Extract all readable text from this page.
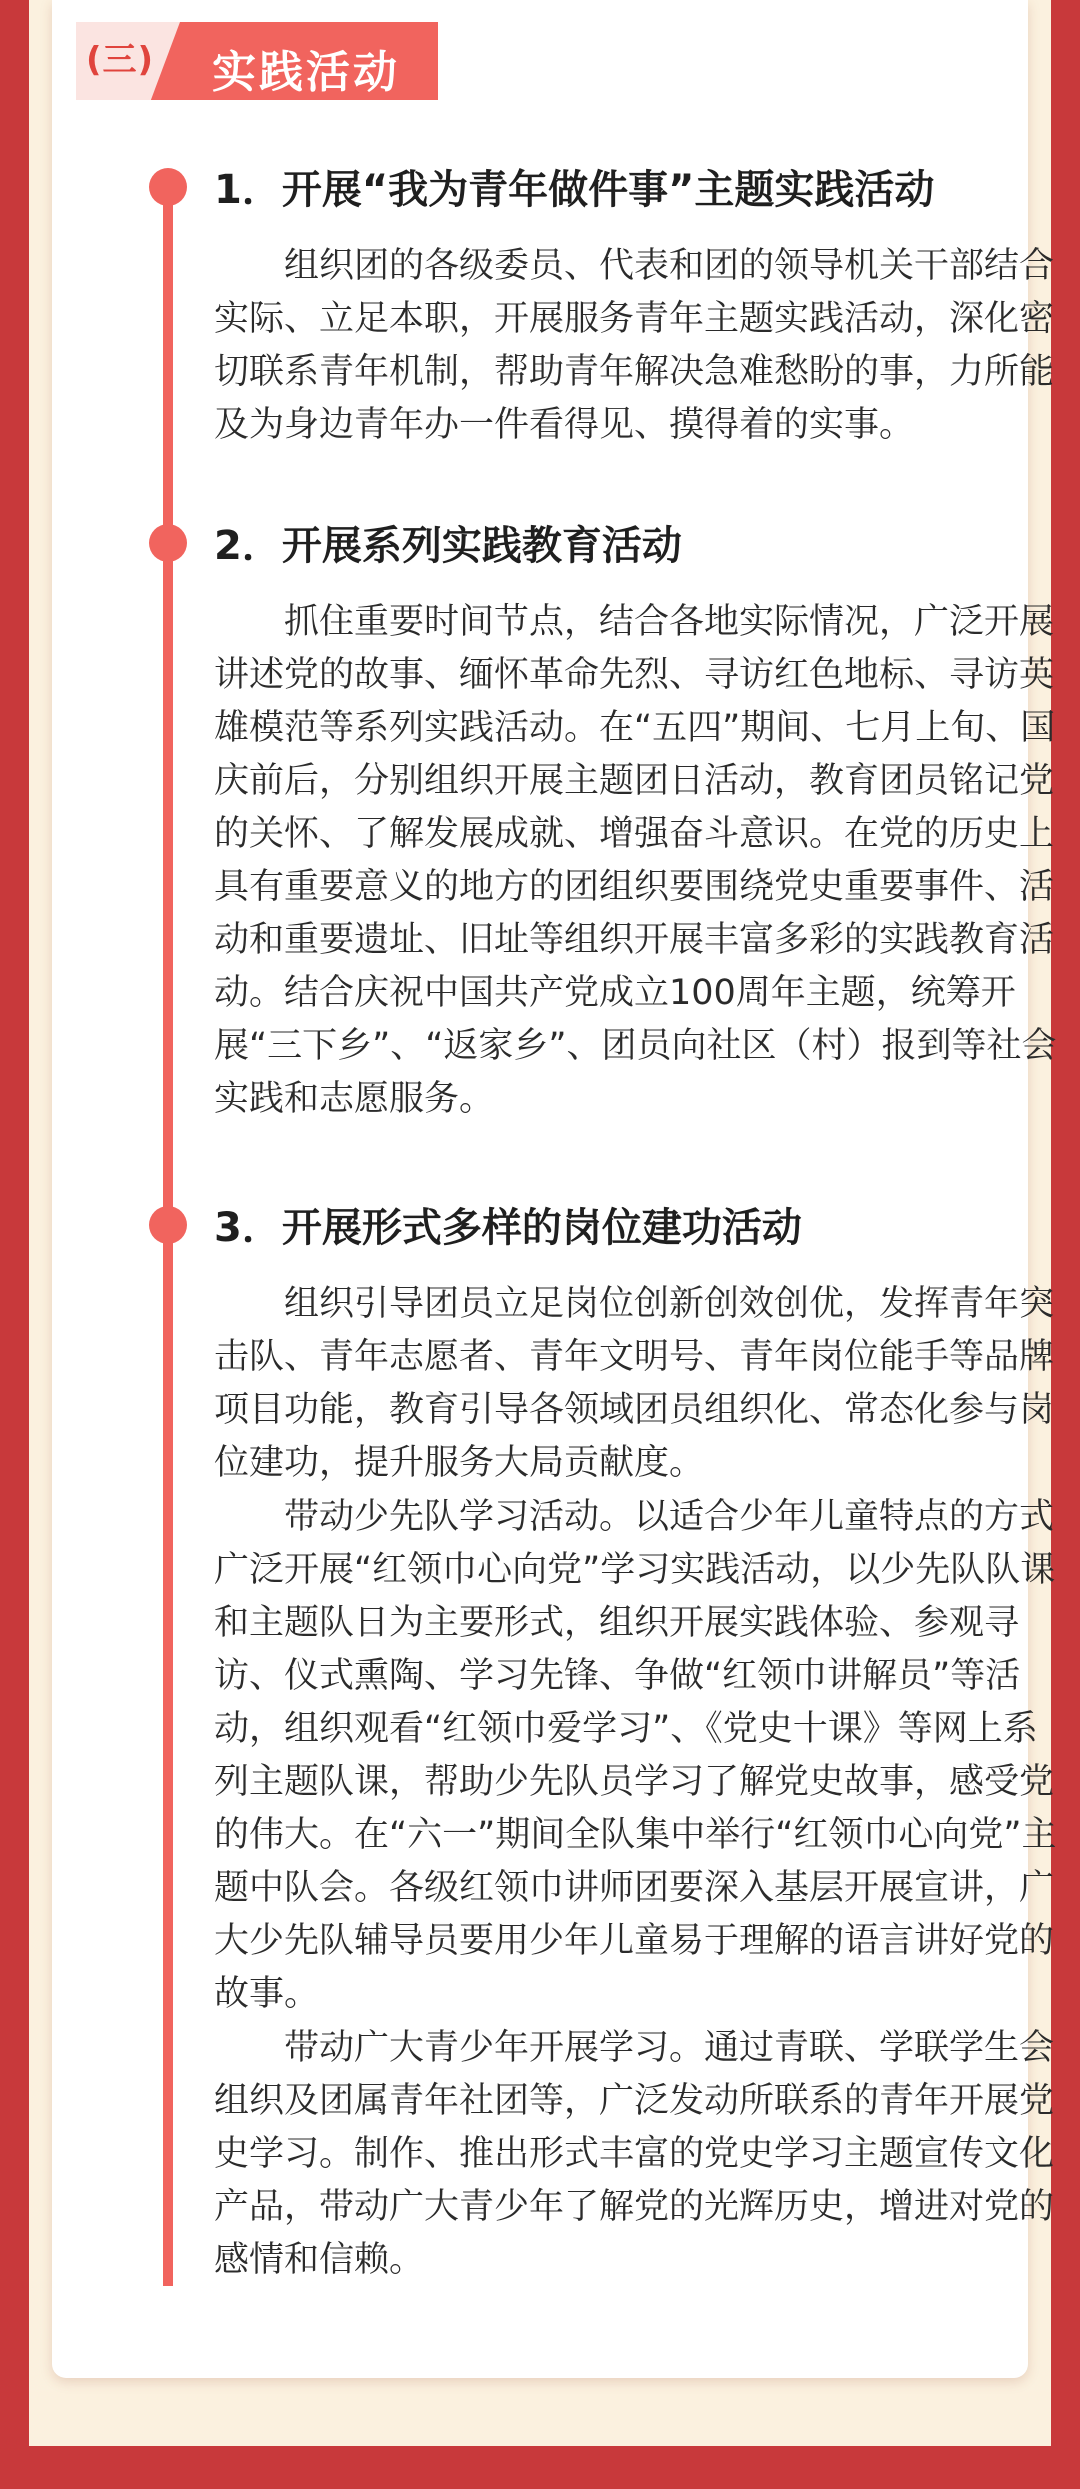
(三) 实践活动
1．开展“我为青年做件事”主题实践活动

组织团的各级委员、代表和团的领导机关干部结合实际、立足本职，开展服务青年主题实践活动，深化密切联系青年机制，帮助青年解决急难愁盼的事，力所能及为身边青年办一件看得见、摸得着的实事。

2．开展系列实践教育活动

抓住重要时间节点，结合各地实际情况，广泛开展讲述党的故事、缅怀革命先烈、寻访红色地标、寻访英雄模范等系列实践活动。在“五四”期间、七月上旬、国庆前后，分别组织开展主题团日活动，教育团员铭记党的关怀、了解发展成就、增强奋斗意识。在党的历史上具有重要意义的地方的团组织要围绕党史重要事件、活动和重要遗址、旧址等组织开展丰富多彩的实践教育活动。结合庆祝中国共产党成立100周年主题，统筹开展“三下乡”、“返家乡”、团员向社区（村）报到等社会实践和志愿服务。

3．开展形式多样的岗位建功活动

组织引导团员立足岗位创新创效创优，发挥青年突击队、青年志愿者、青年文明号、青年岗位能手等品牌项目功能，教育引导各领域团员组织化、常态化参与岗位建功，提升服务大局贡献度。

带动少先队学习活动。以适合少年儿童特点的方式广泛开展“红领巾心向党”学习实践活动，以少先队队课和主题队日为主要形式，组织开展实践体验、参观寻访、仪式熏陶、学习先锋、争做“红领巾讲解员”等活动，组织观看“红领巾爱学习”、《党史十课》等网上系列主题队课，帮助少先队员学习了解党史故事，感受党的伟大。在“六一”期间全队集中举行“红领巾心向党”主题中队会。各级红领巾讲师团要深入基层开展宣讲，广大少先队辅导员要用少年儿童易于理解的语言讲好党的故事。

带动广大青少年开展学习。通过青联、学联学生会组织及团属青年社团等，广泛发动所联系的青年开展党史学习。制作、推出形式丰富的党史学习主题宣传文化产品，带动广大青少年了解党的光辉历史，增进对党的感情和信赖。
